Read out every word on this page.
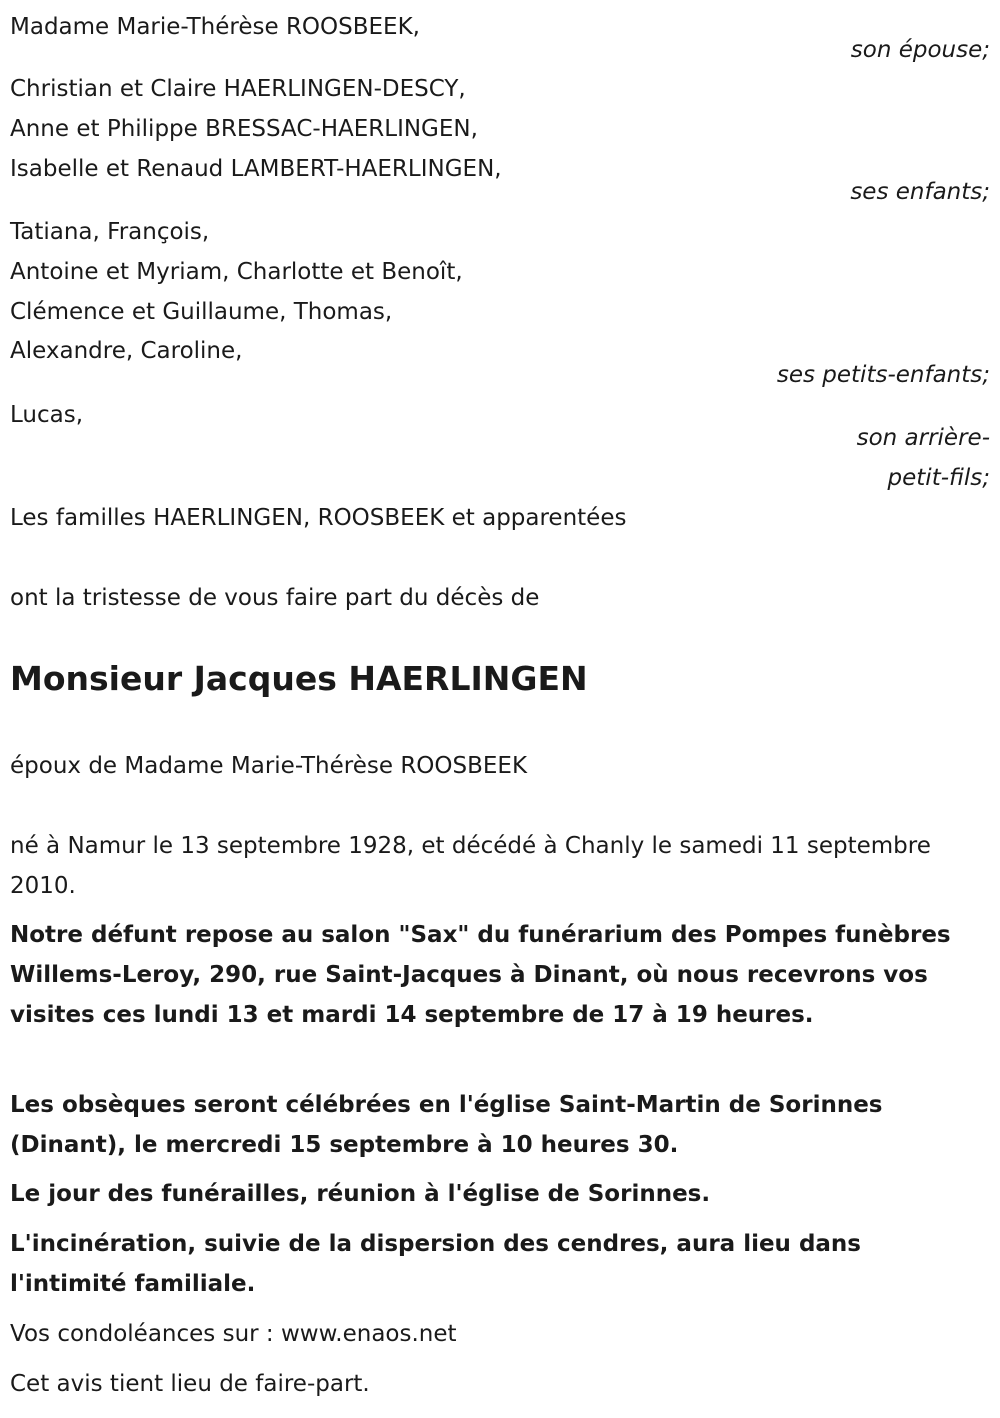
Madame Marie-Thérèse ROOSBEEK,
son épouse;
Christian et Claire HAERLINGEN-DESCY,
Anne et Philippe BRESSAC-HAERLINGEN,
Isabelle et Renaud LAMBERT-HAERLINGEN,
ses enfants;
Tatiana, François,
Antoine et Myriam, Charlotte et Benoît,
Clémence et Guillaume, Thomas,
Alexandre, Caroline,
ses petits-enfants;
Lucas,
son arrière-
petit-fils;
Les familles HAERLINGEN, ROOSBEEK et apparentées
ont la tristesse de vous faire part du décès de
Monsieur Jacques HAERLINGEN
époux de Madame Marie-Thérèse ROOSBEEK
né à Namur le 13 septembre 1928, et décédé à Chanly le samedi 11 septembre 2010.
Notre défunt repose au salon "Sax" du funérarium des Pompes funèbres Willems-Leroy, 290, rue Saint-Jacques à Dinant, où nous recevrons vos visites ces lundi 13 et mardi 14 septembre de 17 à 19 heures.
Les obsèques seront célébrées en l'église Saint-Martin de Sorinnes (Dinant), le mercredi 15 septembre à 10 heures 30.
Le jour des funérailles, réunion à l'église de Sorinnes.
L'incinération, suivie de la dispersion des cendres, aura lieu dans l'intimité familiale.
Vos condoléances sur : www.enaos.net
Cet avis tient lieu de faire-part.
